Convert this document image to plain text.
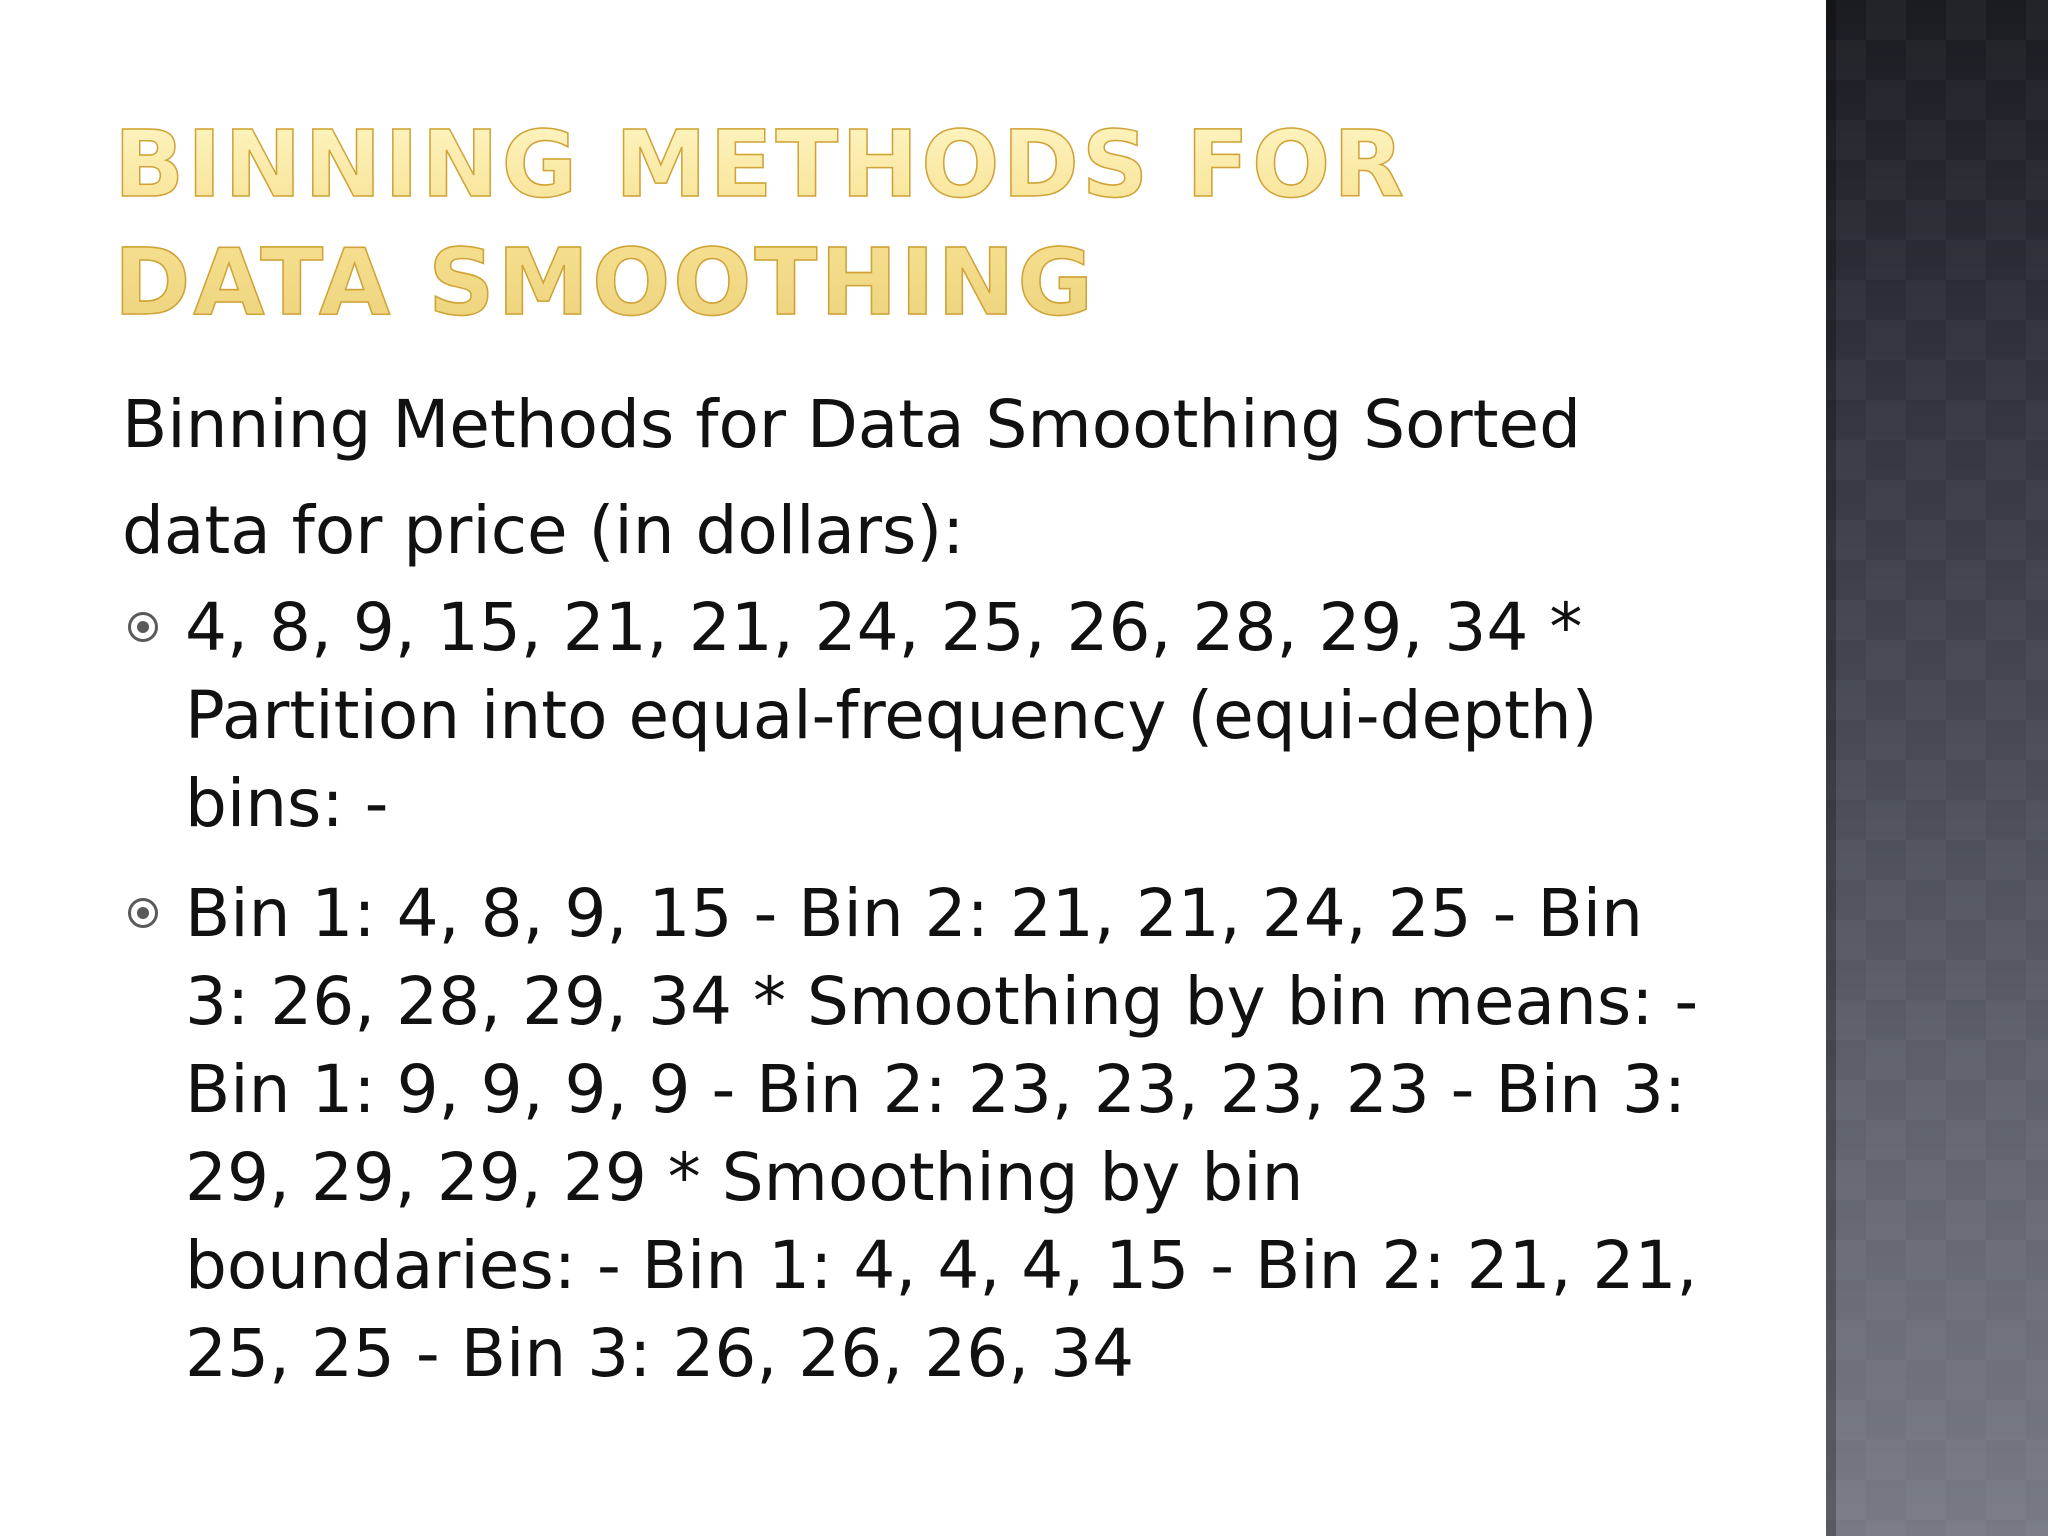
BINNING METHODS FOR DATA SMOOTHING

Binning Methods for Data Smoothing Sorted data for price (in dollars):

4, 8, 9, 15, 21, 21, 24, 25, 26, 28, 29, 34 * Partition into equal-frequency (equi-depth) bins: -
Bin 1: 4, 8, 9, 15 - Bin 2: 21, 21, 24, 25 - Bin 3: 26, 28, 29, 34 * Smoothing by bin means: - Bin 1: 9, 9, 9, 9 - Bin 2: 23, 23, 23, 23 - Bin 3: 29, 29, 29, 29 * Smoothing by bin boundaries: - Bin 1: 4, 4, 4, 15 - Bin 2: 21, 21, 25, 25 - Bin 3: 26, 26, 26, 34
